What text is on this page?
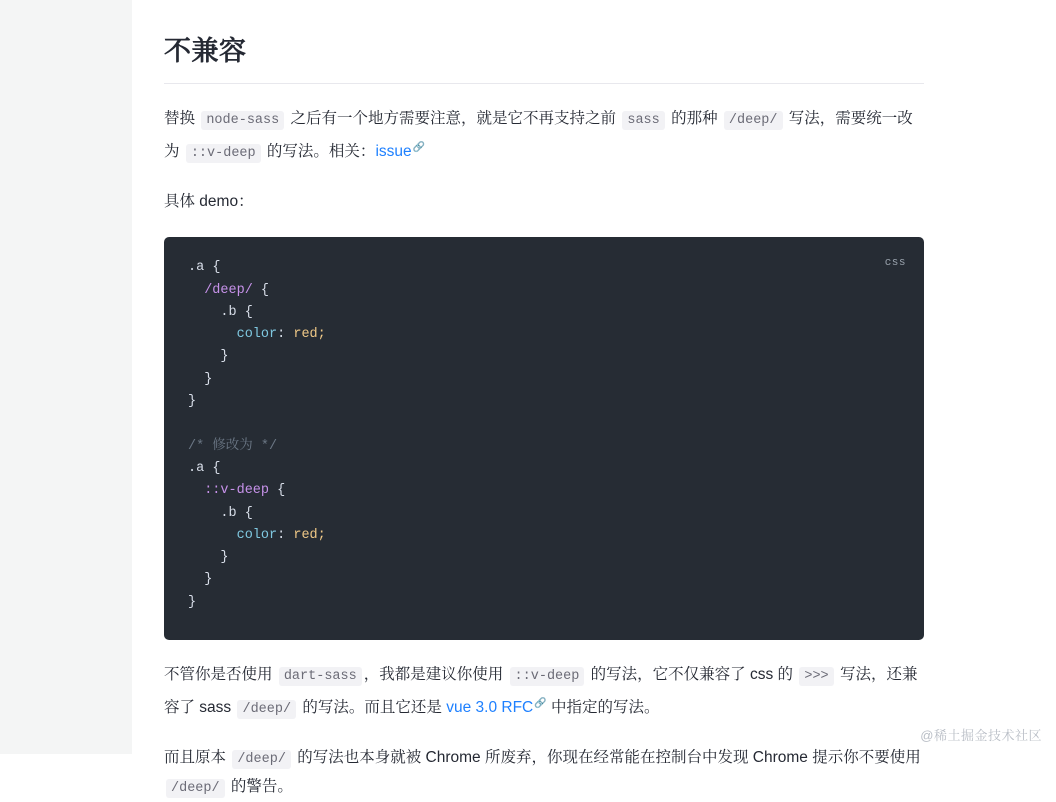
不兼容

替换 node-sass 之后有一个地方需要注意，就是它不再支持之前 sass 的那种 /deep/ 写法，需要统一改为 ::v-deep 的写法。相关：issue🔗

具体 demo：

css
.a {
/deep/ {
.b {
color: red;
}
}
}

/* 修改为 */
.a {
::v-deep {
.b {
color: red;
}
}
}

不管你是否使用 dart-sass ，我都是建议你使用 ::v-deep 的写法，它不仅兼容了 css 的 >>> 写法，还兼容了 sass /deep/ 的写法。而且它还是 vue 3.0 RFC🔗 中指定的写法。

而且原本 /deep/ 的写法也本身就被 Chrome 所废弃，你现在经常能在控制台中发现 Chrome 提示你不要使用 /deep/ 的警告。

@稀土掘金技术社区
